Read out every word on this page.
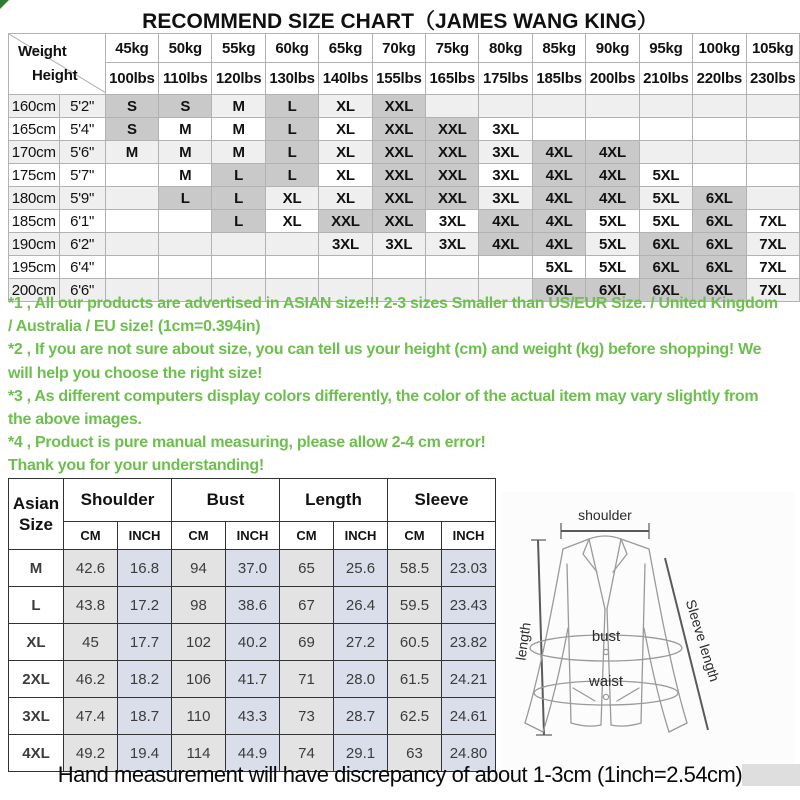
RECOMMEND SIZE CHART（JAMES WANG KING）
Weight
Height		45kg	50kg	55kg	60kg	65kg	70kg	75kg	80kg	85kg	90kg	95kg	100kg	105kg
		100lbs	110lbs	120lbs	130lbs	140lbs	155lbs	165lbs	175lbs	185lbs	200lbs	210lbs	220lbs	230lbs
160cm	5'2"	S	S	M	L	XL	XXL							
165cm	5'4"	S	M	M	L	XL	XXL	XXL	3XL					
170cm	5'6"	M	M	M	L	XL	XXL	XXL	3XL	4XL	4XL			
175cm	5'7"		M	L	L	XL	XXL	XXL	3XL	4XL	4XL	5XL		
180cm	5'9"		L	L	XL	XL	XXL	XXL	3XL	4XL	4XL	5XL	6XL	
185cm	6'1"			L	XL	XXL	XXL	3XL	4XL	4XL	5XL	5XL	6XL	7XL
190cm	6'2"					3XL	3XL	3XL	4XL	4XL	5XL	6XL	6XL	7XL
195cm	6'4"									5XL	5XL	6XL	6XL	7XL
200cm	6'6"									6XL	6XL	6XL	6XL	7XL
*1 , All our products are advertised in ASIAN size!!! 2-3 sizes Smaller than US/EUR Size. / United Kingdom
/ Australia / EU size! (1cm=0.394in)
*2 , If you are not sure about size, you can tell us your height (cm) and weight (kg) before shopping! We
will help you choose the right size!
*3 , As different computers display colors differently, the color of the actual item may vary slightly from
the above images.
*4 , Product is pure manual measuring, please allow 2-4 cm error!
Thank you for your understanding!
Asian
Size	Shoulder		Bust		Length		Sleeve	
	CM	INCH	CM	INCH	CM	INCH	CM	INCH
M	42.6	16.8	94	37.0	65	25.6	58.5	23.03
L	43.8	17.2	98	38.6	67	26.4	59.5	23.43
XL	45	17.7	102	40.2	69	27.2	60.5	23.82
2XL	46.2	18.2	106	41.7	71	28.0	61.5	24.21
3XL	47.4	18.7	110	43.3	73	28.7	62.5	24.61
4XL	49.2	19.4	114	44.9	74	29.1	63	24.80
shoulder
length	Sleeve length
bust
waist
Hand measurement will have discrepancy of about 1-3cm (1inch=2.54cm)
